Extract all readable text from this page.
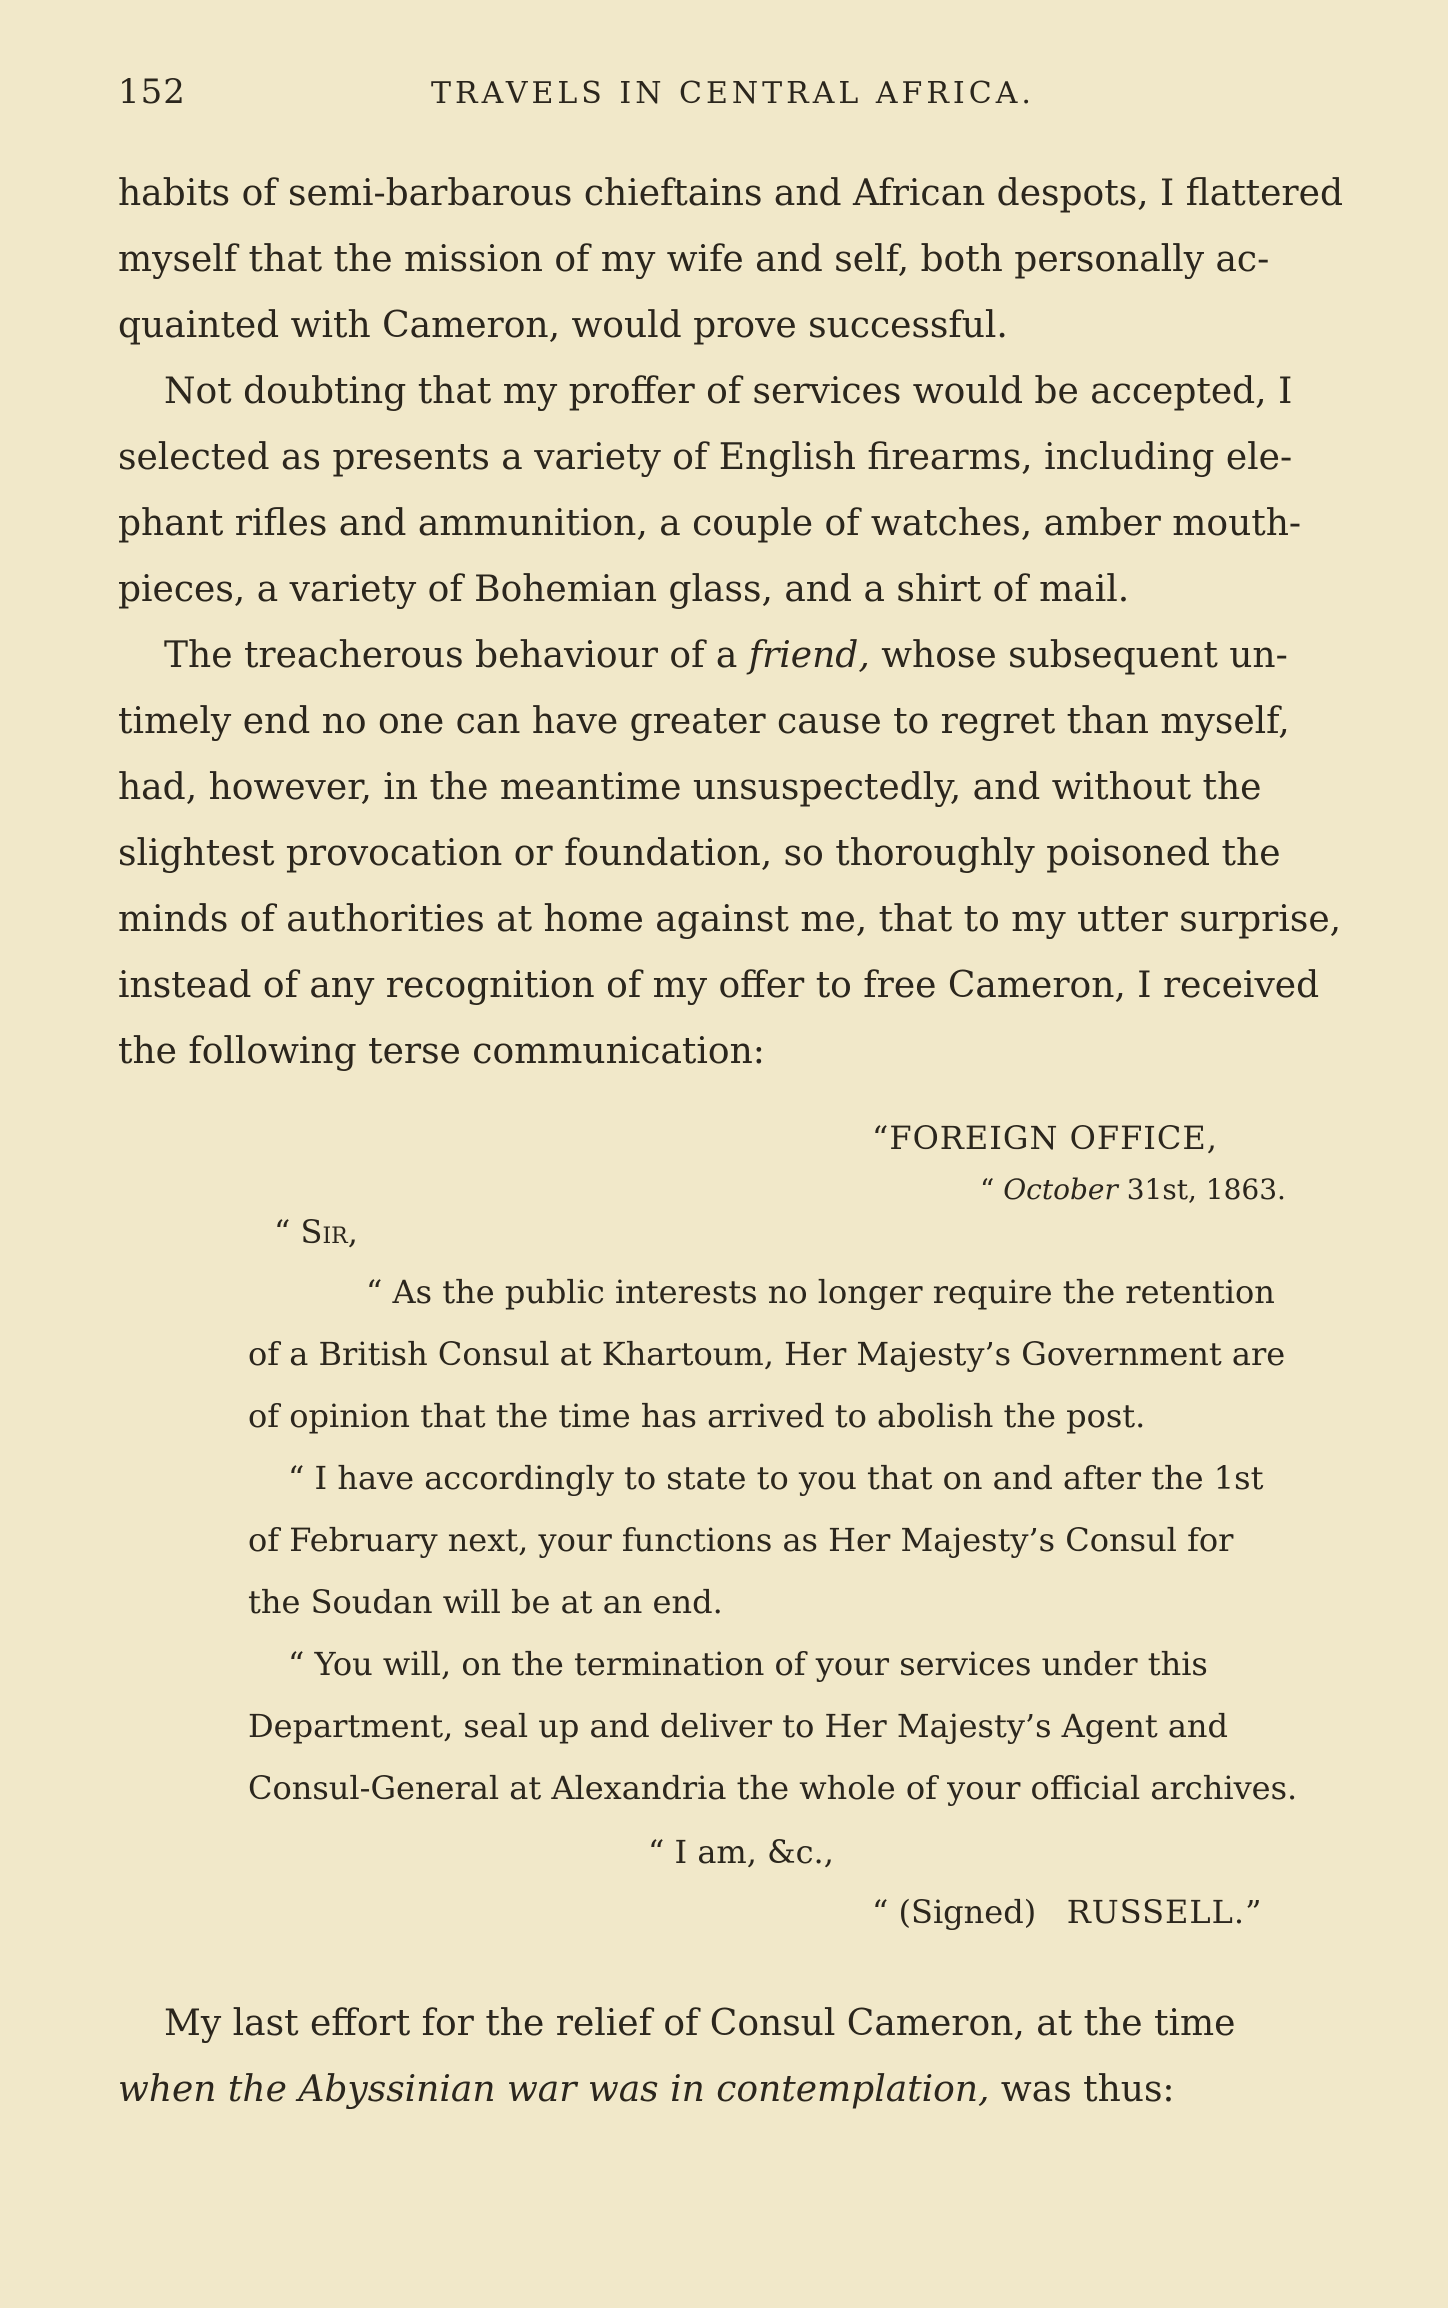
152	TRAVELS IN CENTRAL AFRICA.
habits of semi-barbarous chieftains and African despots, I flattered
myself that the mission of my wife and self, both personally ac-
quainted with Cameron, would prove successful.
Not doubting that my proffer of services would be accepted, I
selected as presents a variety of English firearms, including ele-
phant rifles and ammunition, a couple of watches, amber mouth-
pieces, a variety of Bohemian glass, and a shirt of mail.
The treacherous behaviour of a friend, whose subsequent un-
timely end no one can have greater cause to regret than myself,
had, however, in the meantime unsuspectedly, and without the
slightest provocation or foundation, so thoroughly poisoned the
minds of authorities at home against me, that to my utter surprise,
instead of any recognition of my offer to free Cameron, I received
the following terse communication:
“FOREIGN OFFICE,
“ October 31st, 1863.
“ Sir,
“ As the public interests no longer require the retention
of a British Consul at Khartoum, Her Majesty’s Government are
of opinion that the time has arrived to abolish the post.
“ I have accordingly to state to you that on and after the 1st
of February next, your functions as Her Majesty’s Consul for
the Soudan will be at an end.
“ You will, on the termination of your services under this
Department, seal up and deliver to Her Majesty’s Agent and
Consul-General at Alexandria the whole of your official archives.
“ I am, &c.,
“ (Signed) RUSSELL.”
My last effort for the relief of Consul Cameron, at the time
when the Abyssinian war was in contemplation, was thus:
